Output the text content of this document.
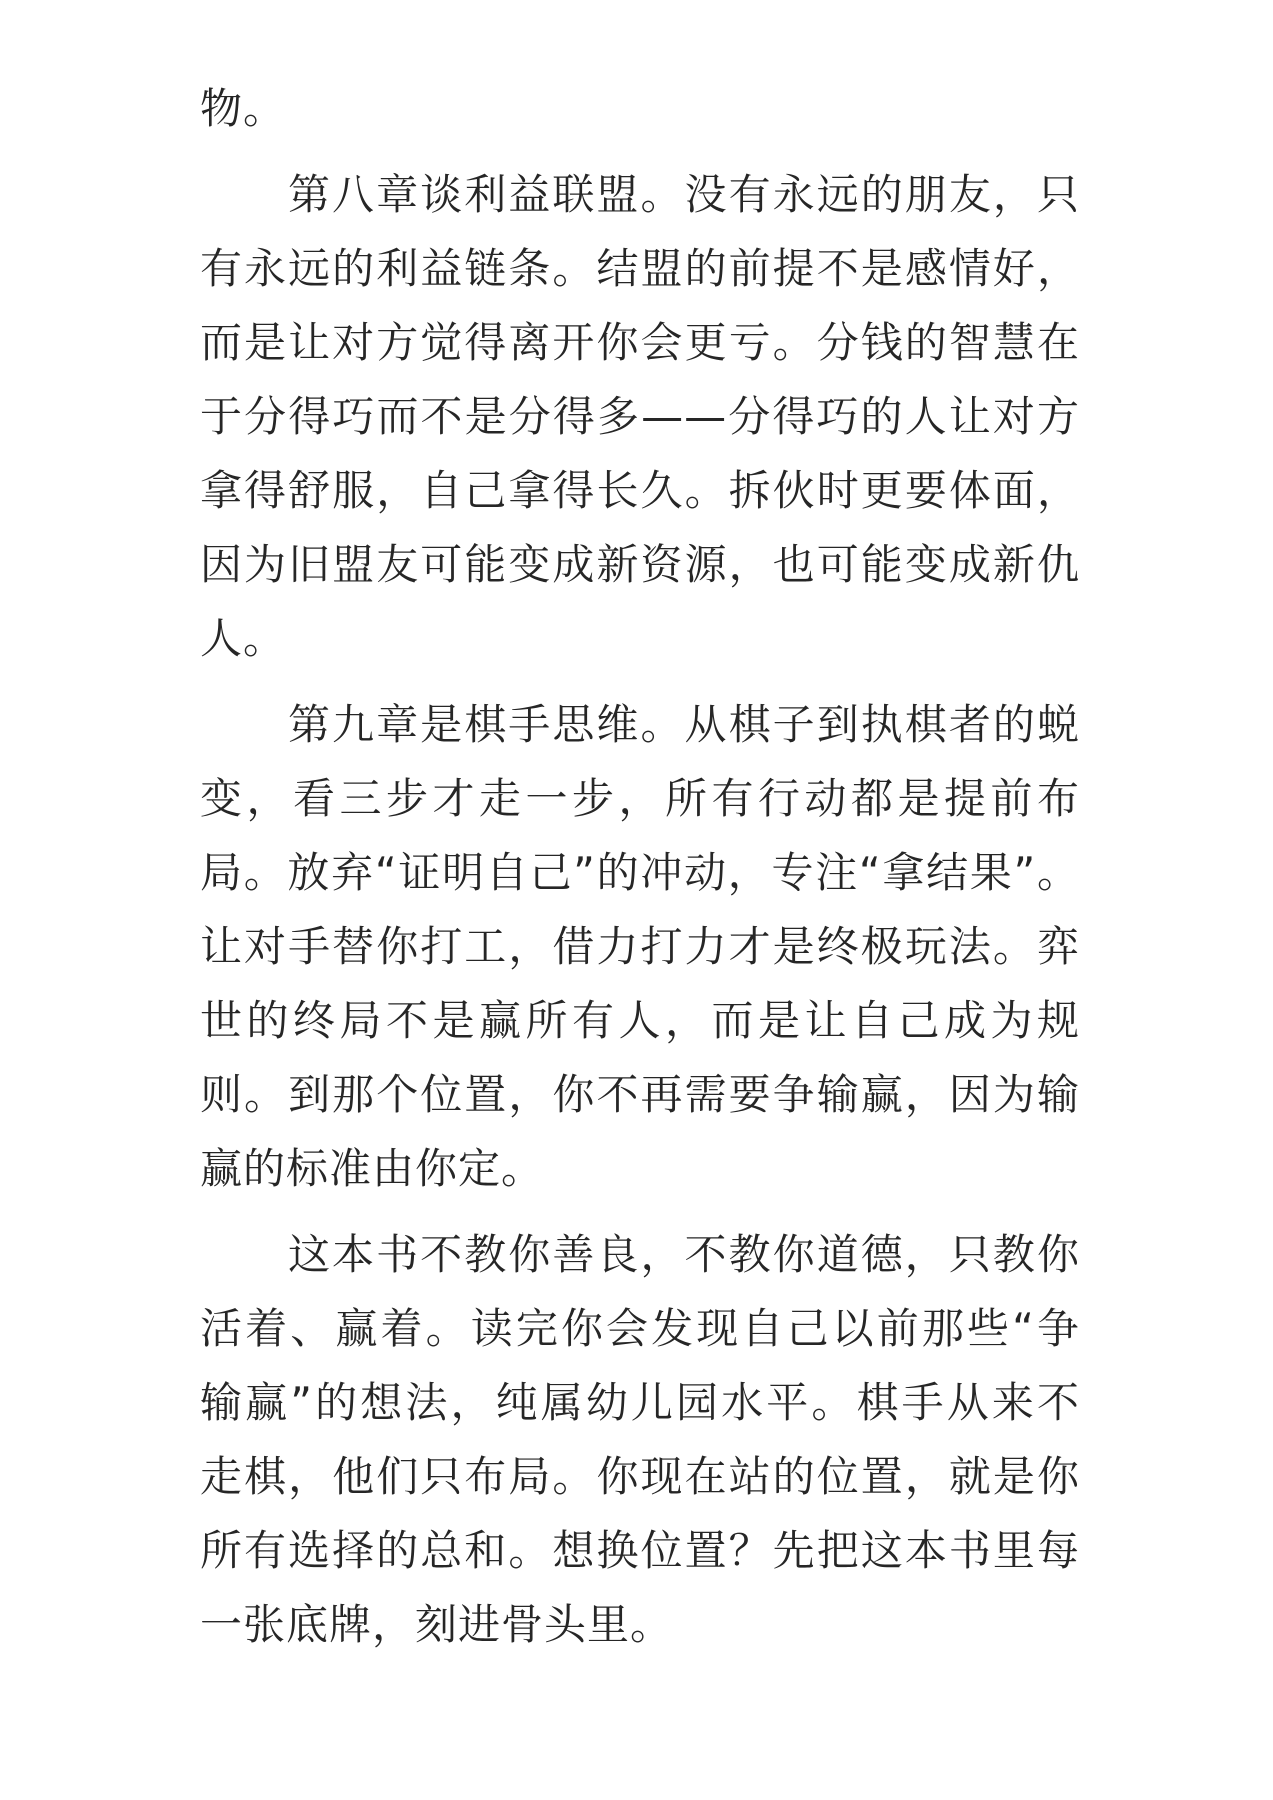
物。

第八章谈利益联盟。没有永远的朋友，只有永远的利益链条。结盟的前提不是感情好，而是让对方觉得离开你会更亏。分钱的智慧在于分得巧而不是分得多——分得巧的人让对方拿得舒服，自己拿得长久。拆伙时更要体面，因为旧盟友可能变成新资源，也可能变成新仇人。

第九章是棋手思维。从棋子到执棋者的蜕变，看三步才走一步，所有行动都是提前布局。放弃“证明自己”的冲动，专注“拿结果”。让对手替你打工，借力打力才是终极玩法。弈世的终局不是赢所有人，而是让自己成为规则。到那个位置，你不再需要争输赢，因为输赢的标准由你定。

这本书不教你善良，不教你道德，只教你活着、赢着。读完你会发现自己以前那些“争输赢”的想法，纯属幼儿园水平。棋手从来不走棋，他们只布局。你现在站的位置，就是你所有选择的总和。想换位置？先把这本书里每一张底牌，刻进骨头里。
